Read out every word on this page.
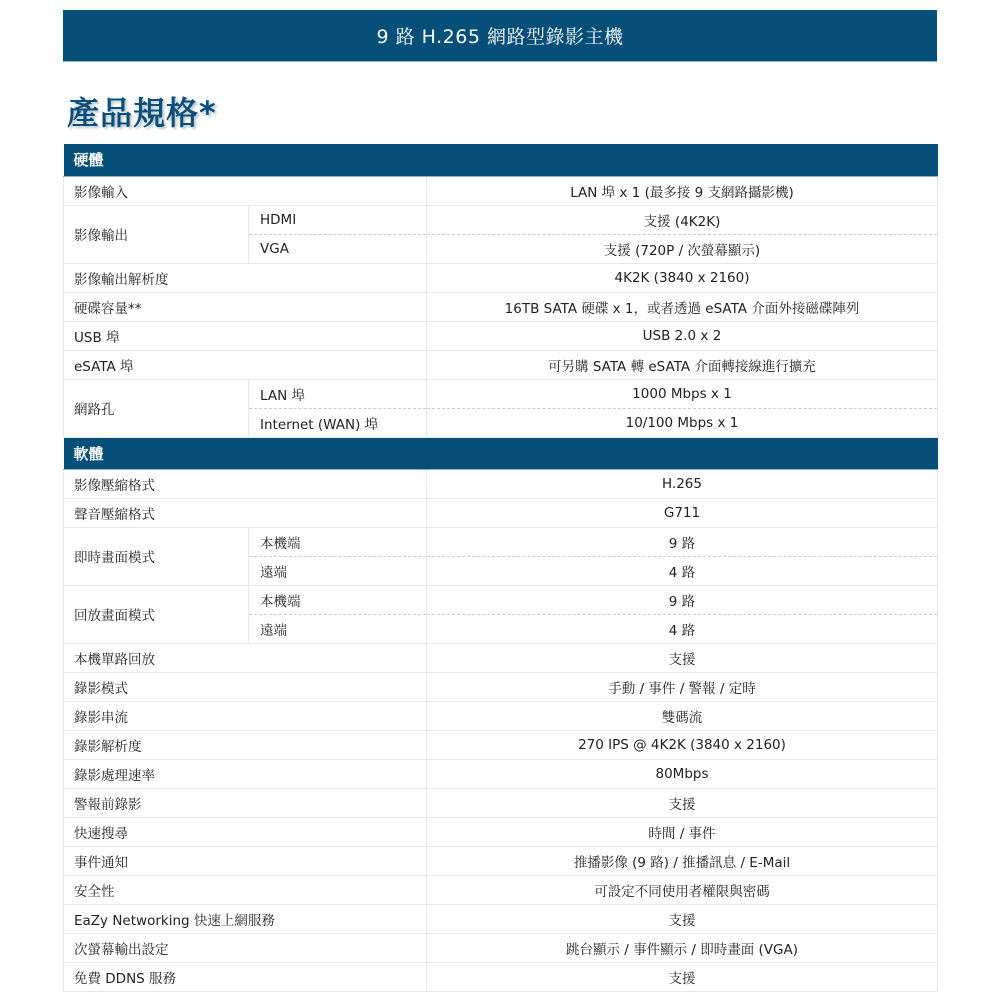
9 路 H.265 網路型錄影主機
產品規格*
硬體		
影像輸入		LAN 埠 x 1 (最多接 9 支網路攝影機)
影像輸出	HDMI	支援 (4K2K)
	VGA	支援 (720P / 次螢幕顯示)
影像輸出解析度		4K2K (3840 x 2160)
硬碟容量**		16TB SATA 硬碟 x 1，或者透過 eSATA 介面外接磁碟陣列
USB 埠		USB 2.0 x 2
eSATA 埠		可另購 SATA 轉 eSATA 介面轉接線進行擴充
網路孔	LAN 埠	1000 Mbps x 1
	Internet (WAN) 埠	10/100 Mbps x 1
軟體		
影像壓縮格式		H.265
聲音壓縮格式		G711
即時畫面模式	本機端	9 路
	遠端	4 路
回放畫面模式	本機端	9 路
	遠端	4 路
本機單路回放		支援
錄影模式		手動 / 事件 / 警報 / 定時
錄影串流		雙碼流
錄影解析度		270 IPS @ 4K2K (3840 x 2160)
錄影處理速率		80Mbps
警報前錄影		支援
快速搜尋		時間 / 事件
事件通知		推播影像 (9 路) / 推播訊息 / E-Mail
安全性		可設定不同使用者權限與密碼
EaZy Networking 快速上網服務		支援
次螢幕輸出設定		跳台顯示 / 事件顯示 / 即時畫面 (VGA)
免費 DDNS 服務		支援
